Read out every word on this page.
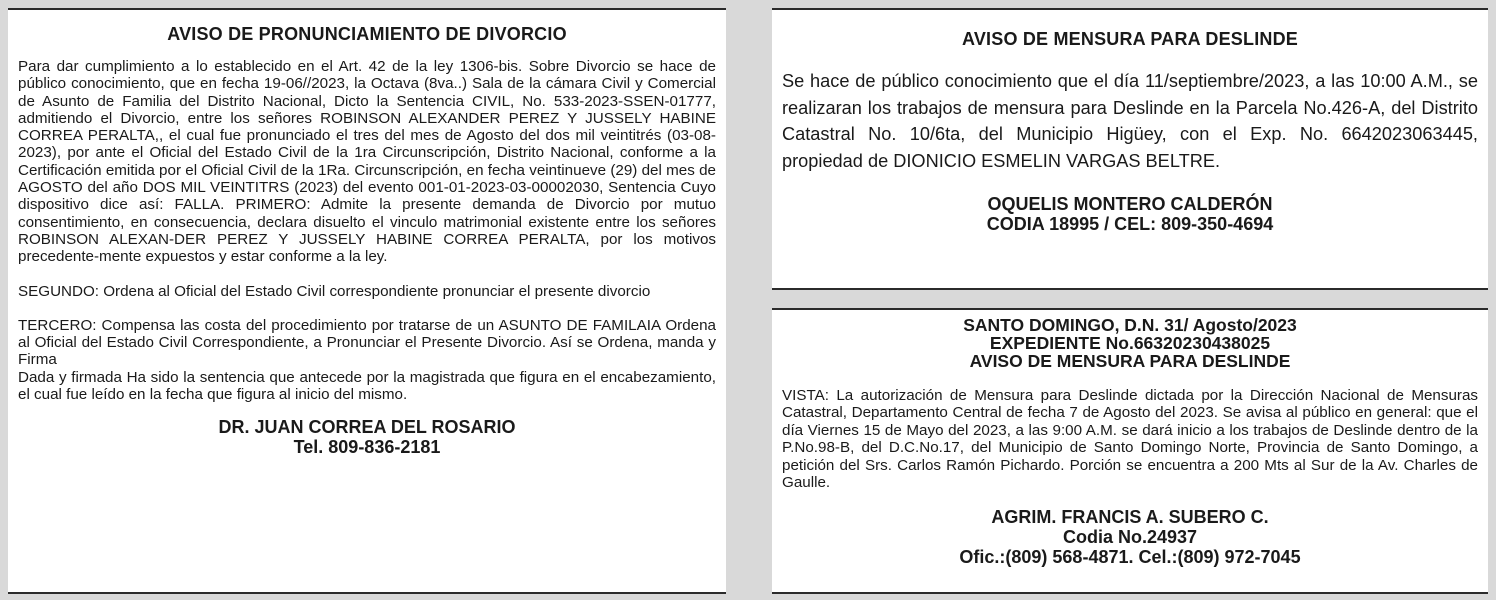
AVISO DE PRONUNCIAMIENTO DE DIVORCIO

Para dar cumplimiento a lo establecido en el Art. 42 de la ley 1306-bis. Sobre Divorcio se hace de público conocimiento, que en fecha 19-06//2023, la Octava (8va..) Sala de la cámara Civil y Comercial de Asunto de Familia del Distrito Nacional, Dicto la Sentencia CIVIL, No. 533-2023-SSEN-01777, admitiendo el Divorcio, entre los señores ROBINSON ALEXANDER PEREZ Y JUSSELY HABINE CORREA PERALTA,, el cual fue pronunciado el tres del mes de Agosto del dos mil veintitrés (03-08-2023), por ante el Oficial del Estado Civil de la 1ra Circunscripción, Distrito Nacional, conforme a la Certificación emitida por el Oficial Civil de la 1Ra. Circunscripción, en fecha veintinueve (29) del mes de AGOSTO del año DOS MIL VEINTITRS (2023) del evento 001-01-2023-03-00002030, Sentencia Cuyo dispositivo dice así: FALLA. PRIMERO: Admite la presente demanda de Divorcio por mutuo consentimiento, en consecuencia, declara disuelto el vinculo matrimonial existente entre los señores ROBINSON ALEXAN-DER PEREZ Y JUSSELY HABINE CORREA PERALTA, por los motivos precedente-mente expuestos y estar conforme a la ley.

SEGUNDO: Ordena al Oficial del Estado Civil correspondiente pronunciar el presente divorcio

TERCERO: Compensa las costa del procedimiento por tratarse de un ASUNTO DE FAMILAIA Ordena al Oficial del Estado Civil Correspondiente, a Pronunciar el Presente Divorcio. Así se Ordena, manda y Firma

Dada y firmada Ha sido la sentencia que antecede por la magistrada que figura en el encabezamiento, el cual fue leído en la fecha que figura al inicio del mismo.

DR. JUAN CORREA DEL ROSARIO
Tel. 809-836-2181
AVISO DE MENSURA PARA DESLINDE
Se hace de público conocimiento que el día 11/septiembre/2023, a las 10:00 A.M., se realizaran los trabajos de mensura para Deslinde en la Parcela No.426-A, del Distrito Catastral No. 10/6ta, del Municipio Higüey, con el Exp. No. 6642023063445, propiedad de DIONICIO ESMELIN VARGAS BELTRE.
OQUELIS MONTERO CALDERÓN
CODIA 18995 / CEL: 809-350-4694
SANTO DOMINGO, D.N. 31/ Agosto/2023
EXPEDIENTE No.66320230438025
AVISO DE MENSURA PARA DESLINDE
VISTA: La autorización de Mensura para Deslinde dictada por la Dirección Nacional de Mensuras Catastral, Departamento Central de fecha 7 de Agosto del 2023. Se avisa al público en general: que el día Viernes 15 de Mayo del 2023, a las 9:00 A.M. se dará inicio a los trabajos de Deslinde dentro de la P.No.98-B, del D.C.No.17, del Municipio de Santo Domingo Norte, Provincia de Santo Domingo, a petición del Srs. Carlos Ramón Pichardo. Porción se encuentra a 200 Mts al Sur de la Av. Charles de Gaulle.
AGRIM. FRANCIS A. SUBERO C.
Codia No.24937
Ofic.:(809) 568-4871. Cel.:(809) 972-7045
